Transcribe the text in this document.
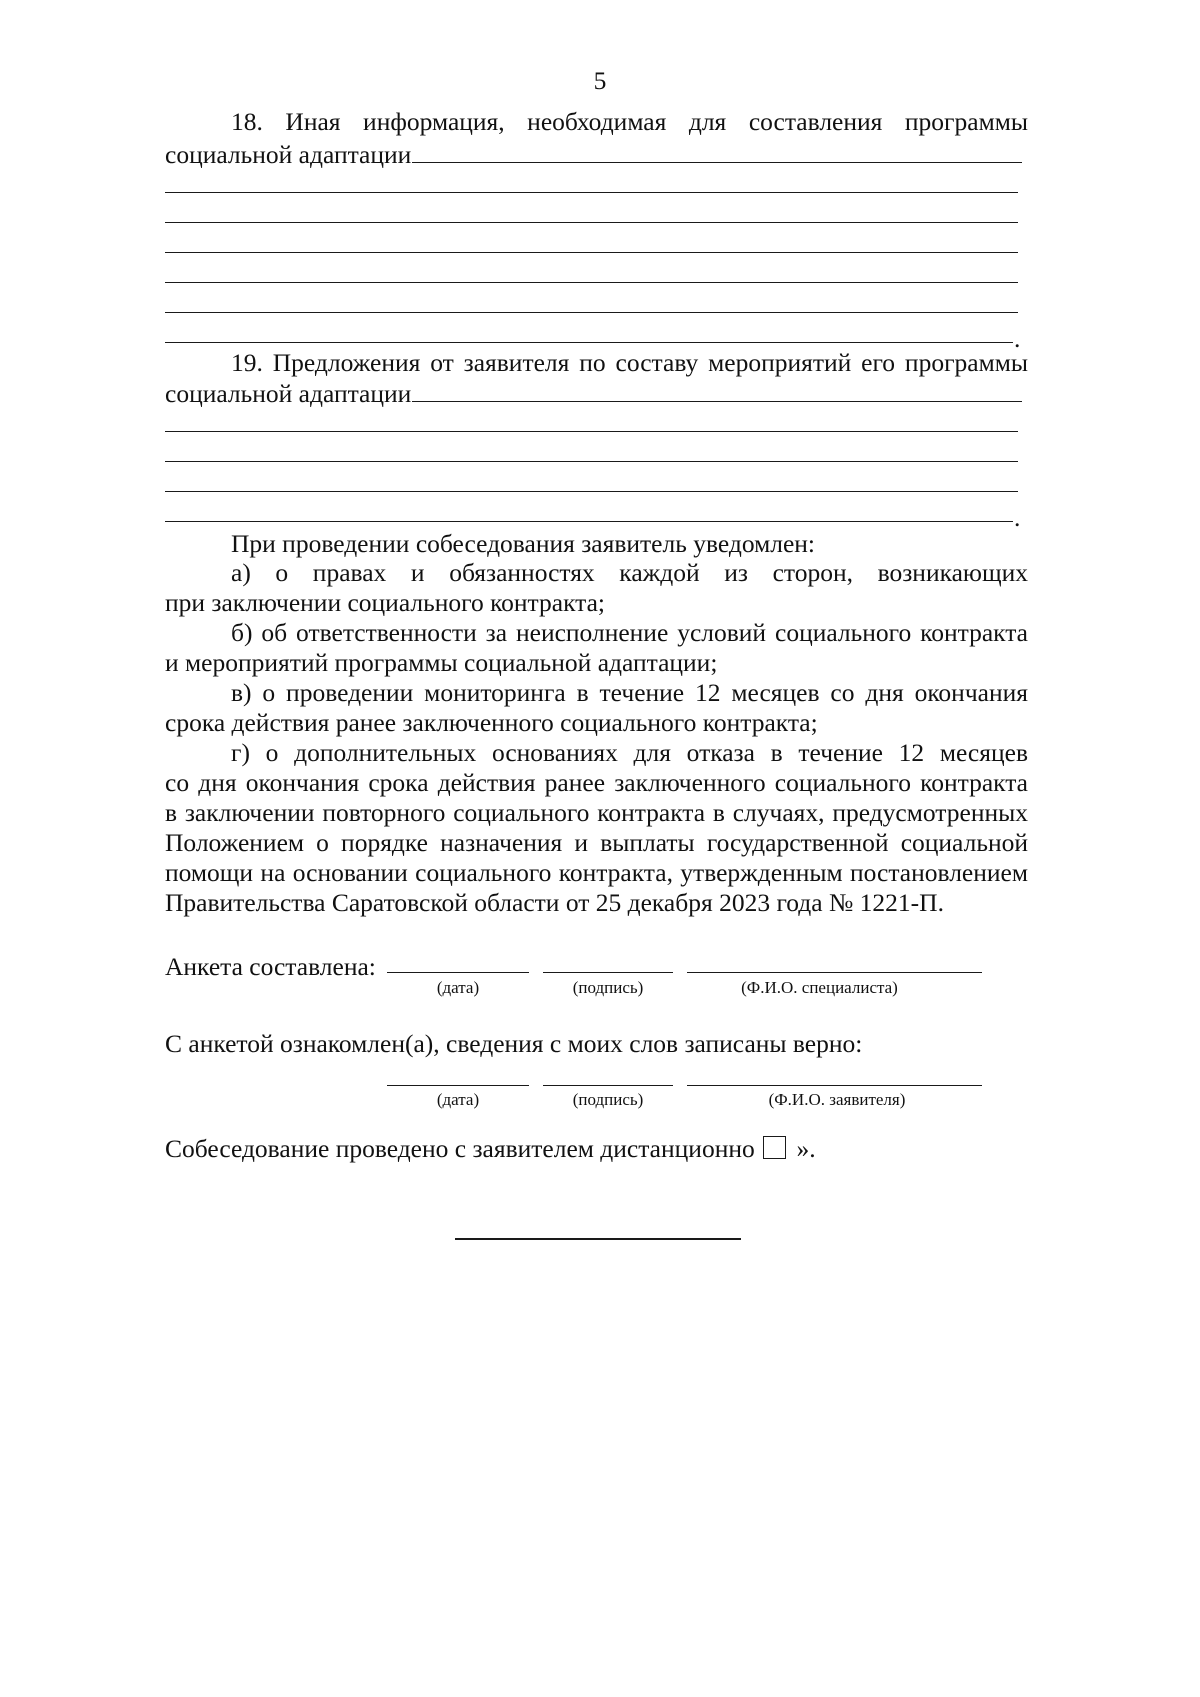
5
18. Иная информация, необходимая для составления программы
социальной адаптации
.
19. Предложения от заявителя по составу мероприятий его программы
социальной адаптации
.
При проведении собеседования заявитель уведомлен:
а) о правах и обязанностях каждой из сторон, возникающих
при заключении социального контракта;
б) об ответственности за неисполнение условий социального контракта
и мероприятий программы социальной адаптации;
в) о проведении мониторинга в течение 12 месяцев со дня окончания
срока действия ранее заключенного социального контракта;
г) о дополнительных основаниях для отказа в течение 12 месяцев
со дня окончания срока действия ранее заключенного социального контракта
в заключении повторного социального контракта в случаях, предусмотренных
Положением о порядке назначения и выплаты государственной социальной
помощи на основании социального контракта, утвержденным постановлением
Правительства Саратовской области от 25 декабря 2023 года № 1221-П.
Анкета составлена:
(дата)	(подпись)	(Ф.И.О. специалиста)
С анкетой ознакомлен(а), сведения с моих слов записаны верно:
(дата)	(подпись)	(Ф.И.О. заявителя)
Собеседование проведено с заявителем дистанционно ».
